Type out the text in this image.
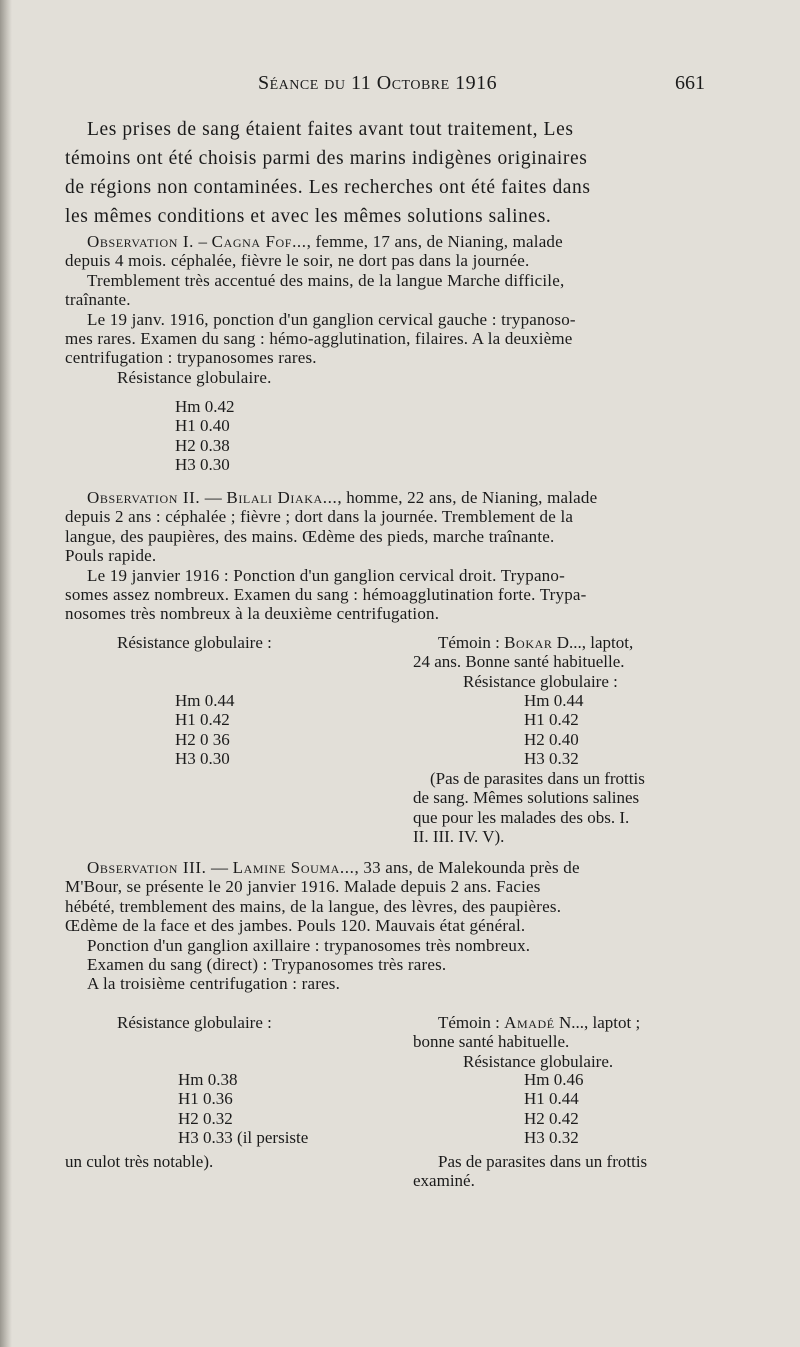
Séance du 11 Octobre 1916	661
Les prises de sang étaient faites avant tout traitement, Les
témoins ont été choisis parmi des marins indigènes originaires
de régions non contaminées. Les recherches ont été faites dans
les mêmes conditions et avec les mêmes solutions salines.
Observation I. – Cagna Fof..., femme, 17 ans, de Nianing, malade
depuis 4 mois. céphalée, fièvre le soir, ne dort pas dans la journée.
Tremblement très accentué des mains, de la langue Marche difficile,
traînante.
Le 19 janv. 1916, ponction d'un ganglion cervical gauche : trypanoso-
mes rares. Examen du sang : hémo-agglutination, filaires. A la deuxième
centrifugation : trypanosomes rares.
Résistance globulaire.
Hm 0.42
H1 0.40
H2 0.38
H3 0.30
Observation II. — Bilali Diaka..., homme, 22 ans, de Nianing, malade
depuis 2 ans : céphalée ; fièvre ; dort dans la journée. Tremblement de la
langue, des paupières, des mains. Œdème des pieds, marche traînante.
Pouls rapide.
Le 19 janvier 1916 : Ponction d'un ganglion cervical droit. Trypano-
somes assez nombreux. Examen du sang : hémoagglutination forte. Trypa-
nosomes très nombreux à la deuxième centrifugation.
Résistance globulaire :
Hm 0.44
H1 0.42
H2 0 36
H3 0.30
Témoin : Bokar D..., laptot,
24 ans. Bonne santé habituelle.
Résistance globulaire :
Hm 0.44
H1 0.42
H2 0.40
H3 0.32
(Pas de parasites dans un frottis
de sang. Mêmes solutions salines
que pour les malades des obs. I.
II. III. IV. V).
Observation III. — Lamine Souma..., 33 ans, de Malekounda près de
M'Bour, se présente le 20 janvier 1916. Malade depuis 2 ans. Facies
hébété, tremblement des mains, de la langue, des lèvres, des paupières.
Œdème de la face et des jambes. Pouls 120. Mauvais état général.
Ponction d'un ganglion axillaire : trypanosomes très nombreux.
Examen du sang (direct) : Trypanosomes très rares.
A la troisième centrifugation : rares.
Résistance globulaire :
Hm 0.38
H1 0.36
H2 0.32
H3 0.33 (il persiste
un culot très notable).
Témoin : Amadé N..., laptot ;
bonne santé habituelle.
Résistance globulaire.
Hm 0.46
H1 0.44
H2 0.42
H3 0.32
Pas de parasites dans un frottis
examiné.
